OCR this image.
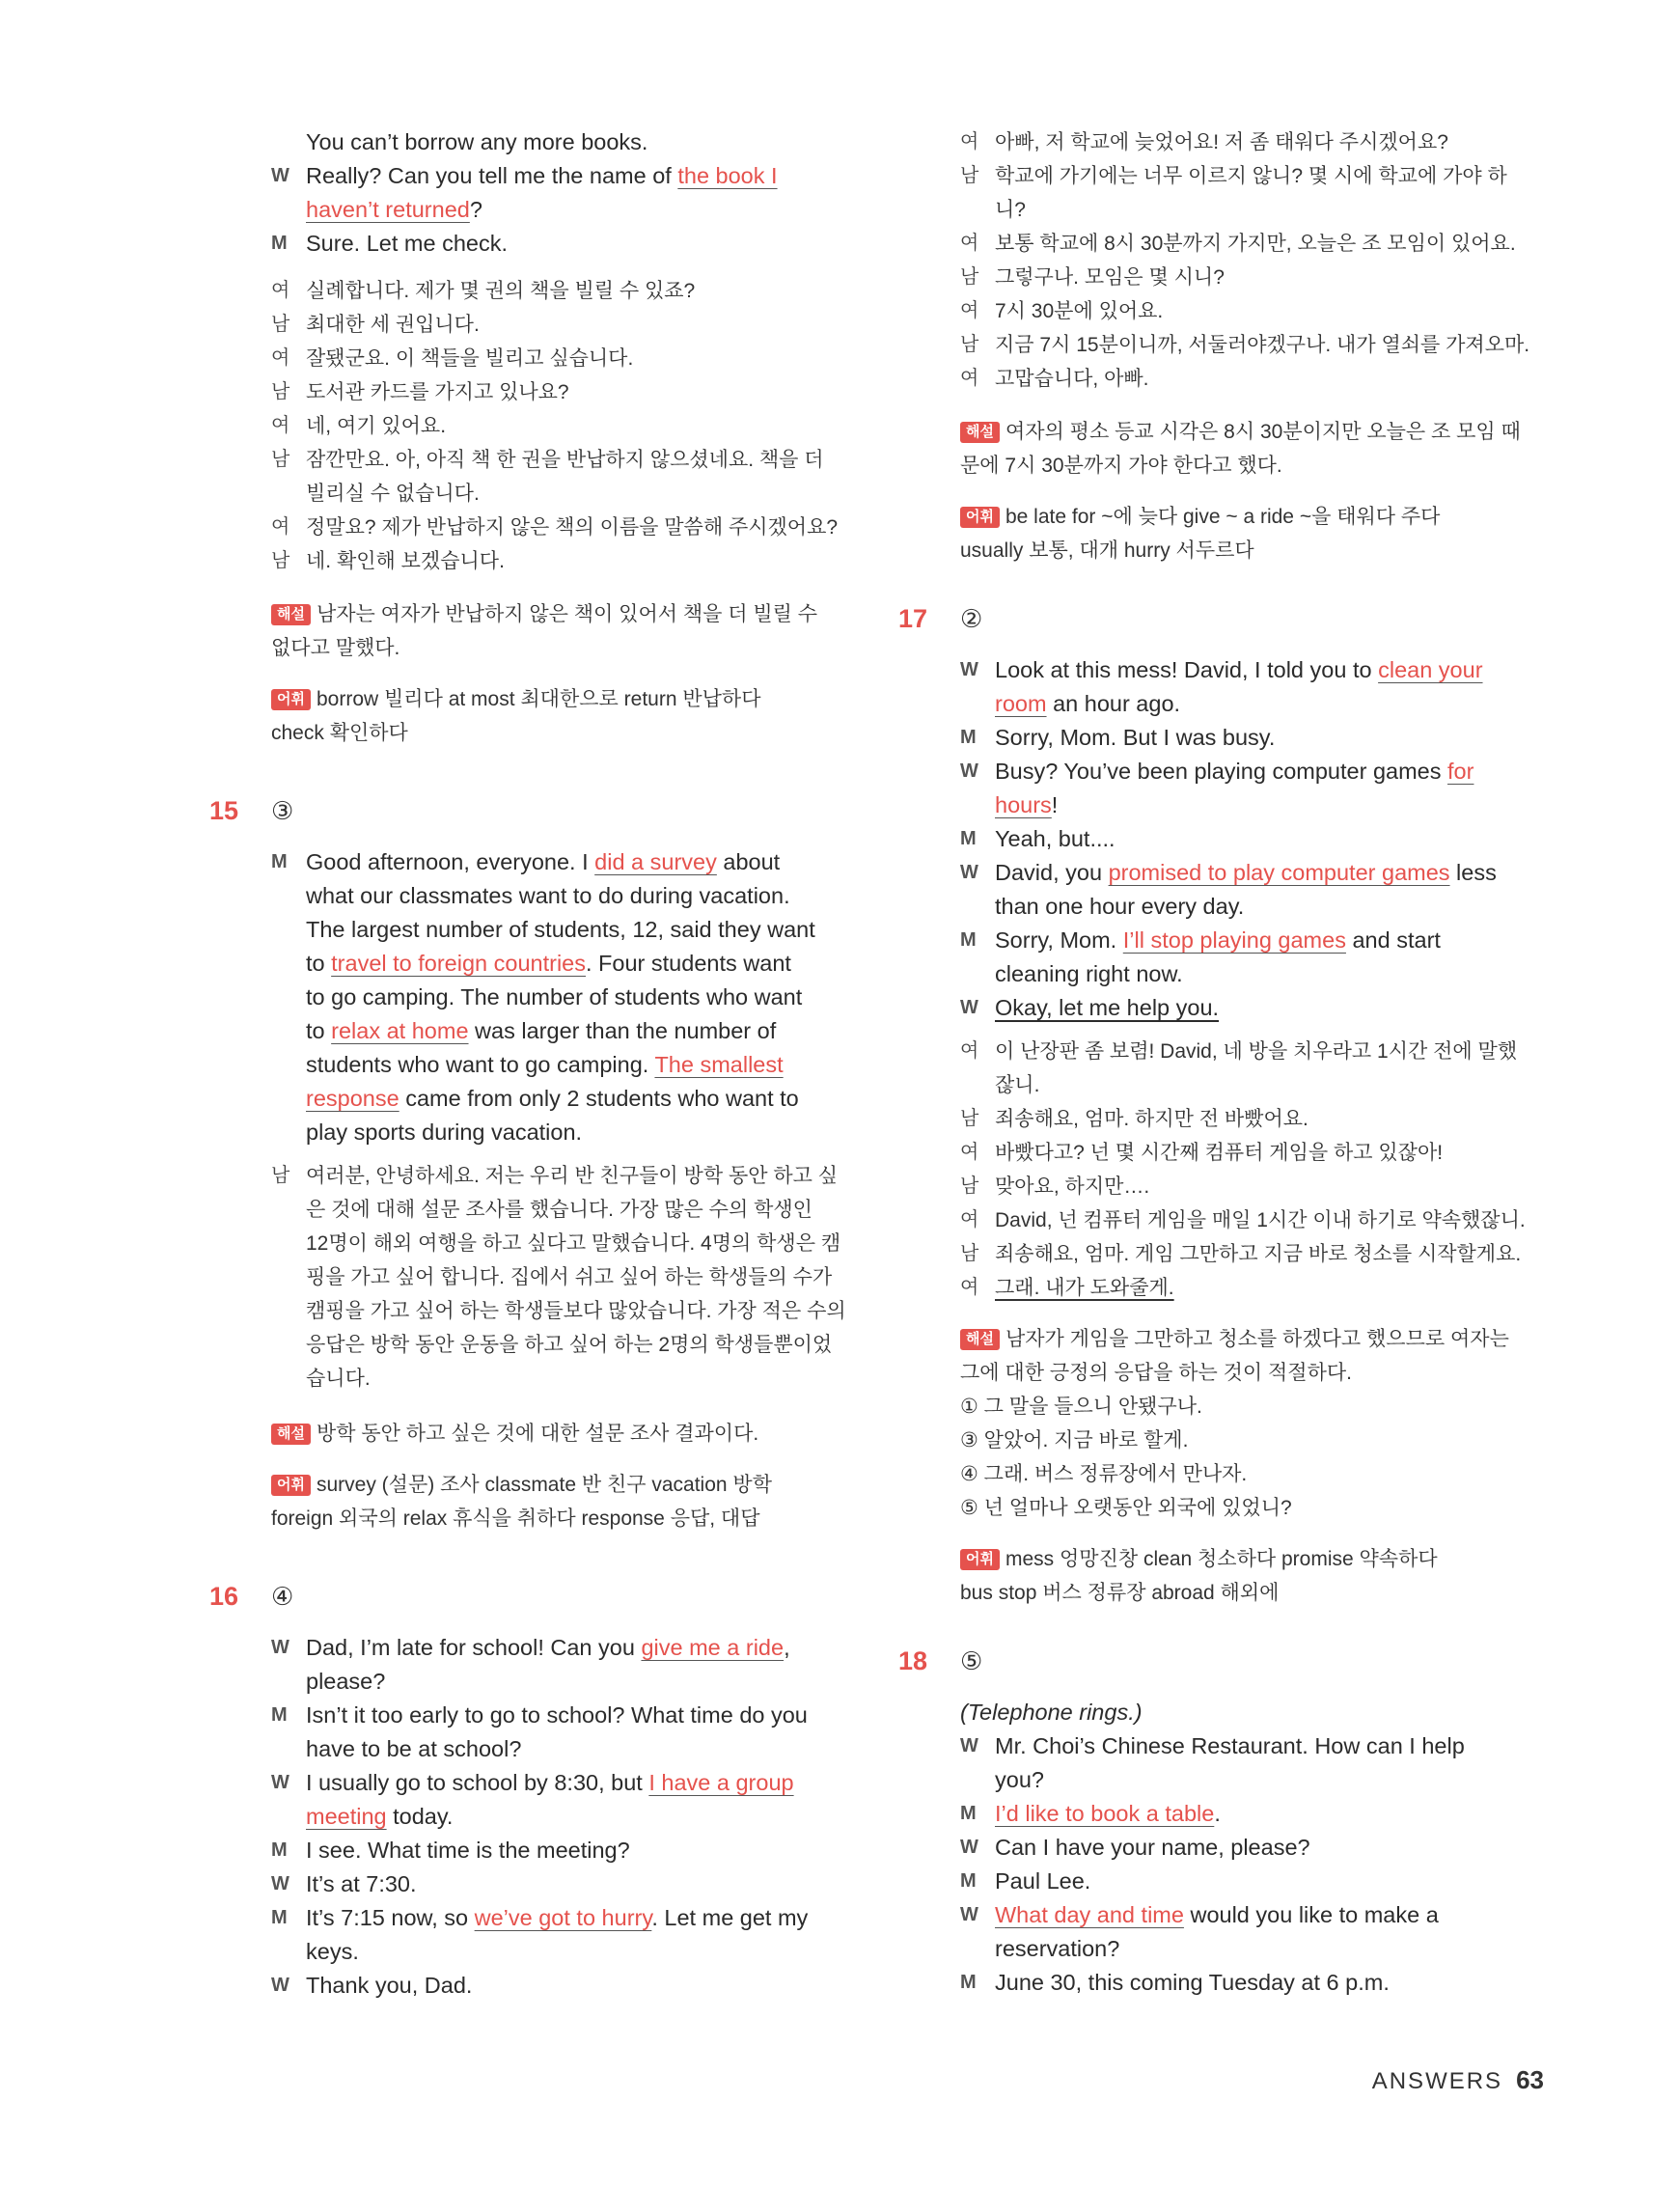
You can’t borrow any more books.
W Really? Can you tell me the name of the book I
haven’t returned?
M Sure. Let me check.
여 실례합니다. 제가 몇 권의 책을 빌릴 수 있죠?
남 최대한 세 권입니다.
여 잘됐군요. 이 책들을 빌리고 싶습니다.
남 도서관 카드를 가지고 있나요?
여 네, 여기 있어요.
남 잠깐만요. 아, 아직 책 한 권을 반납하지 않으셨네요. 책을 더
빌리실 수 없습니다.
여 정말요? 제가 반납하지 않은 책의 이름을 말씀해 주시겠어요?
남 네. 확인해 보겠습니다.
해설 남자는 여자가 반납하지 않은 책이 있어서 책을 더 빌릴 수
없다고 말했다.
어휘 borrow 빌리다 at most 최대한으로 return 반납하다
check 확인하다
15 ③
M Good afternoon, everyone. I did a survey about
what our classmates want to do during vacation.
The largest number of students, 12, said they want
to travel to foreign countries. Four students want
to go camping. The number of students who want
to relax at home was larger than the number of
students who want to go camping. The smallest
response came from only 2 students who want to
play sports during vacation.
남 여러분, 안녕하세요. 저는 우리 반 친구들이 방학 동안 하고 싶
은 것에 대해 설문 조사를 했습니다. 가장 많은 수의 학생인
12명이 해외 여행을 하고 싶다고 말했습니다. 4명의 학생은 캠
핑을 가고 싶어 합니다. 집에서 쉬고 싶어 하는 학생들의 수가
캠핑을 가고 싶어 하는 학생들보다 많았습니다. 가장 적은 수의
응답은 방학 동안 운동을 하고 싶어 하는 2명의 학생들뿐이었
습니다.
해설 방학 동안 하고 싶은 것에 대한 설문 조사 결과이다.
어휘 survey (설문) 조사 classmate 반 친구 vacation 방학
foreign 외국의 relax 휴식을 취하다 response 응답, 대답
16 ④
W Dad, I’m late for school! Can you give me a ride,
please?
M Isn’t it too early to go to school? What time do you
have to be at school?
W I usually go to school by 8:30, but I have a group
meeting today.
M I see. What time is the meeting?
W It’s at 7:30.
M It’s 7:15 now, so we’ve got to hurry. Let me get my
keys.
W Thank you, Dad.
여 아빠, 저 학교에 늦었어요! 저 좀 태워다 주시겠어요?
남 학교에 가기에는 너무 이르지 않니? 몇 시에 학교에 가야 하
니?
여 보통 학교에 8시 30분까지 가지만, 오늘은 조 모임이 있어요.
남 그렇구나. 모임은 몇 시니?
여 7시 30분에 있어요.
남 지금 7시 15분이니까, 서둘러야겠구나. 내가 열쇠를 가져오마.
여 고맙습니다, 아빠.
해설 여자의 평소 등교 시각은 8시 30분이지만 오늘은 조 모임 때
문에 7시 30분까지 가야 한다고 했다.
어휘 be late for ~에 늦다 give ~ a ride ~을 태워다 주다
usually 보통, 대개 hurry 서두르다
17 ②
W Look at this mess! David, I told you to clean your
room an hour ago.
M Sorry, Mom. But I was busy.
W Busy? You’ve been playing computer games for
hours!
M Yeah, but....
W David, you promised to play computer games less
than one hour every day.
M Sorry, Mom. I’ll stop playing games and start
cleaning right now.
W Okay, let me help you.
여 이 난장판 좀 보렴! David, 네 방을 치우라고 1시간 전에 말했
잖니.
남 죄송해요, 엄마. 하지만 전 바빴어요.
여 바빴다고? 넌 몇 시간째 컴퓨터 게임을 하고 있잖아!
남 맞아요, 하지만….
여 David, 넌 컴퓨터 게임을 매일 1시간 이내 하기로 약속했잖니.
남 죄송해요, 엄마. 게임 그만하고 지금 바로 청소를 시작할게요.
여 그래. 내가 도와줄게.
해설 남자가 게임을 그만하고 청소를 하겠다고 했으므로 여자는
그에 대한 긍정의 응답을 하는 것이 적절하다.
① 그 말을 들으니 안됐구나.
③ 알았어. 지금 바로 할게.
④ 그래. 버스 정류장에서 만나자.
⑤ 넌 얼마나 오랫동안 외국에 있었니?
어휘 mess 엉망진창 clean 청소하다 promise 약속하다
bus stop 버스 정류장 abroad 해외에
18 ⑤
(Telephone rings.)
W Mr. Choi’s Chinese Restaurant. How can I help
you?
M I’d like to book a table.
W Can I have your name, please?
M Paul Lee.
W What day and time would you like to make a
reservation?
M June 30, this coming Tuesday at 6 p.m.
ANSWERS 63
